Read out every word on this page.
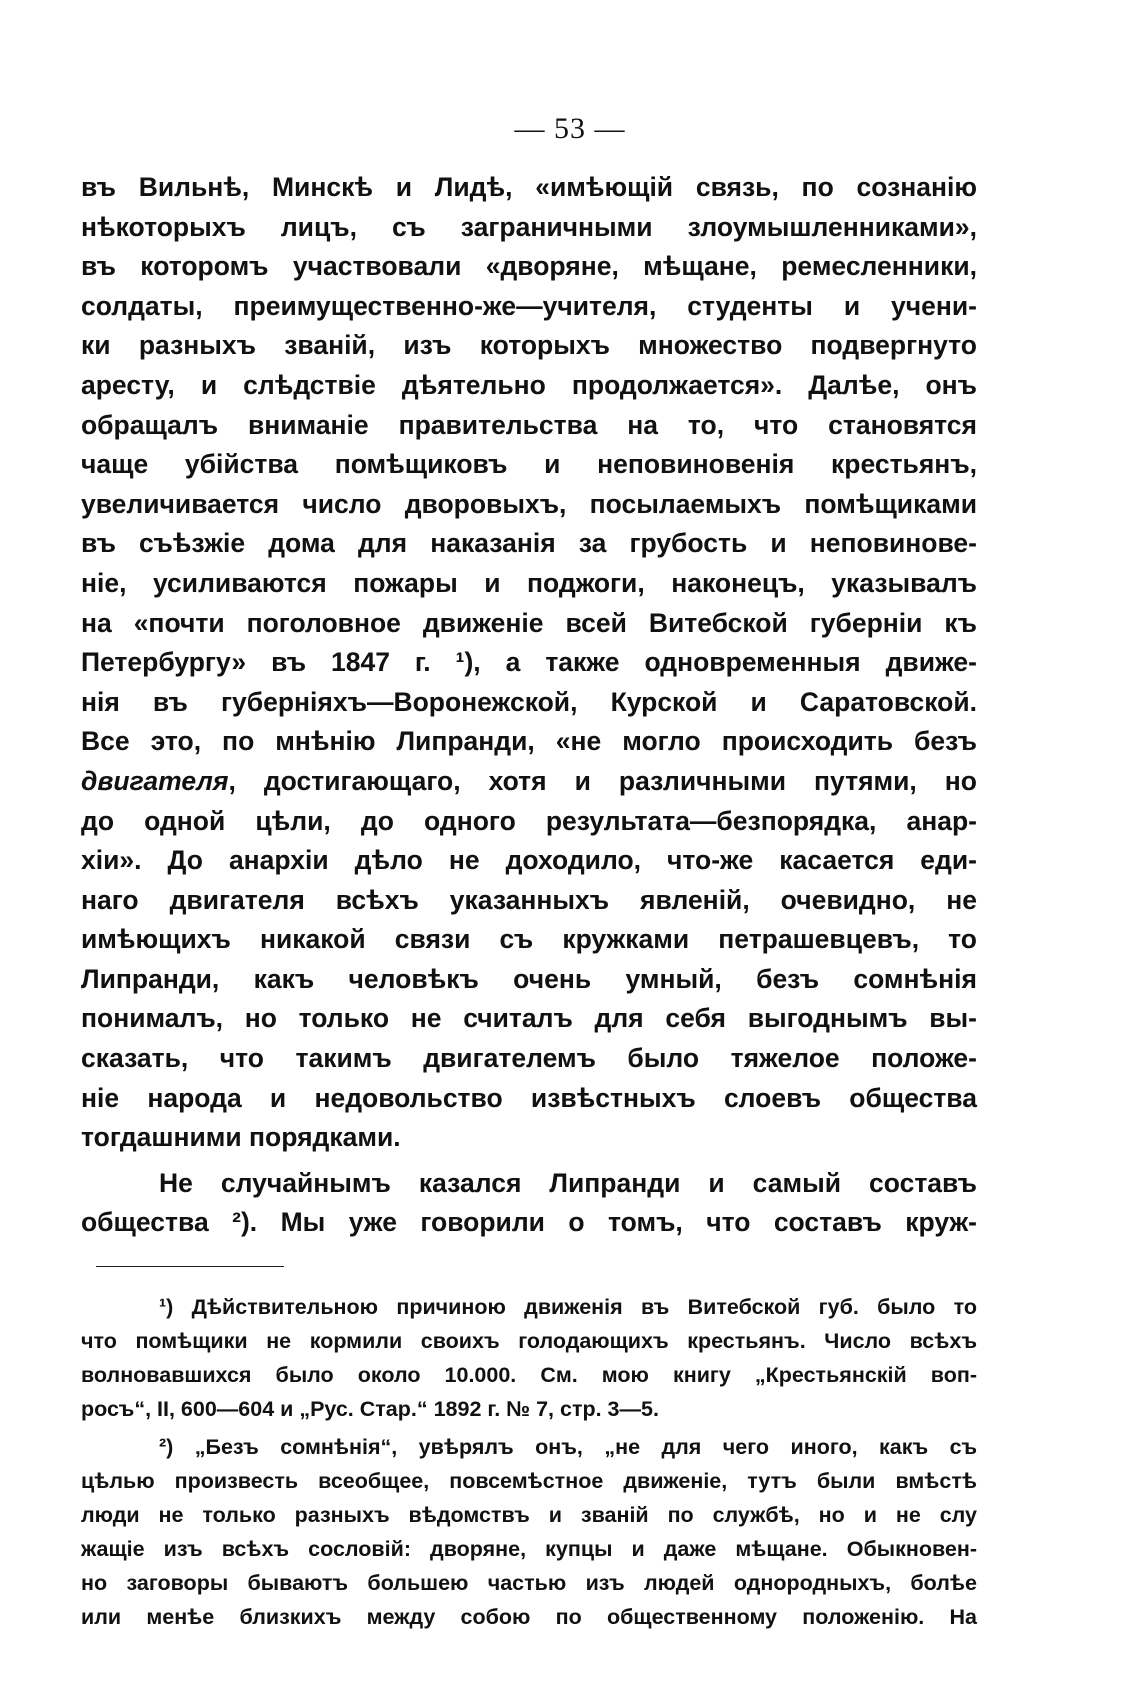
— 53 —
въ Вильнѣ, Минскѣ и Лидѣ, «имѣющій связь, по сознанію
нѣкоторыхъ лицъ, съ заграничными злоумышленниками»,
въ которомъ участвовали «дворяне, мѣщане, ремесленники,
солдаты, преимущественно-же—учителя, студенты и учени-
ки разныхъ званій, изъ которыхъ множество подвергнуто
аресту, и слѣдствіе дѣятельно продолжается». Далѣе, онъ
обращалъ вниманіе правительства на то, что становятся
чаще убійства помѣщиковъ и неповиновенія крестьянъ,
увеличивается число дворовыхъ, посылаемыхъ помѣщиками
въ съѣзжіе дома для наказанія за грубость и неповинове-
ніе, усиливаются пожары и поджоги, наконецъ, указывалъ
на «почти поголовное движеніе всей Витебской губерніи къ
Петербургу» въ 1847 г. ¹), а также одновременныя движе-
нія въ губерніяхъ—Воронежской, Курской и Саратовской.
Все это, по мнѣнію Липранди, «не могло происходить безъ
двигателя, достигающаго, хотя и различными путями, но
до одной цѣли, до одного результата—безпорядка, анар-
хіи». До анархіи дѣло не доходило, что-же касается еди-
наго двигателя всѣхъ указанныхъ явленій, очевидно, не
имѣющихъ никакой связи съ кружками петрашевцевъ, то
Липранди, какъ человѣкъ очень умный, безъ сомнѣнія
понималъ, но только не считалъ для себя выгоднымъ вы-
сказать, что такимъ двигателемъ было тяжелое положе-
ніе народа и недовольство извѣстныхъ слоевъ общества
тогдашними порядками.
Не случайнымъ казался Липранди и самый составъ
общества ²). Мы уже говорили о томъ, что составъ круж-
¹) Дѣйствительною причиною движенія въ Витебской губ. было то
что помѣщики не кормили своихъ голодающихъ крестьянъ. Число всѣхъ
волновавшихся было около 10.000. См. мою книгу „Крестьянскій воп-
росъ“, II, 600—604 и „Рус. Стар.“ 1892 г. № 7, стр. 3—5.
²) „Безъ сомнѣнія“, увѣрялъ онъ, „не для чего иного, какъ съ
цѣлью произвесть всеобщее, повсемѣстное движеніе, тутъ были вмѣстѣ
люди не только разныхъ вѣдомствъ и званій по службѣ, но и не слу
жащіе изъ всѣхъ сословій: дворяне, купцы и даже мѣщане. Обыкновен-
но заговоры бываютъ большею частью изъ людей однородныхъ, болѣе
или менѣе близкихъ между собою по общественному положенію. На
